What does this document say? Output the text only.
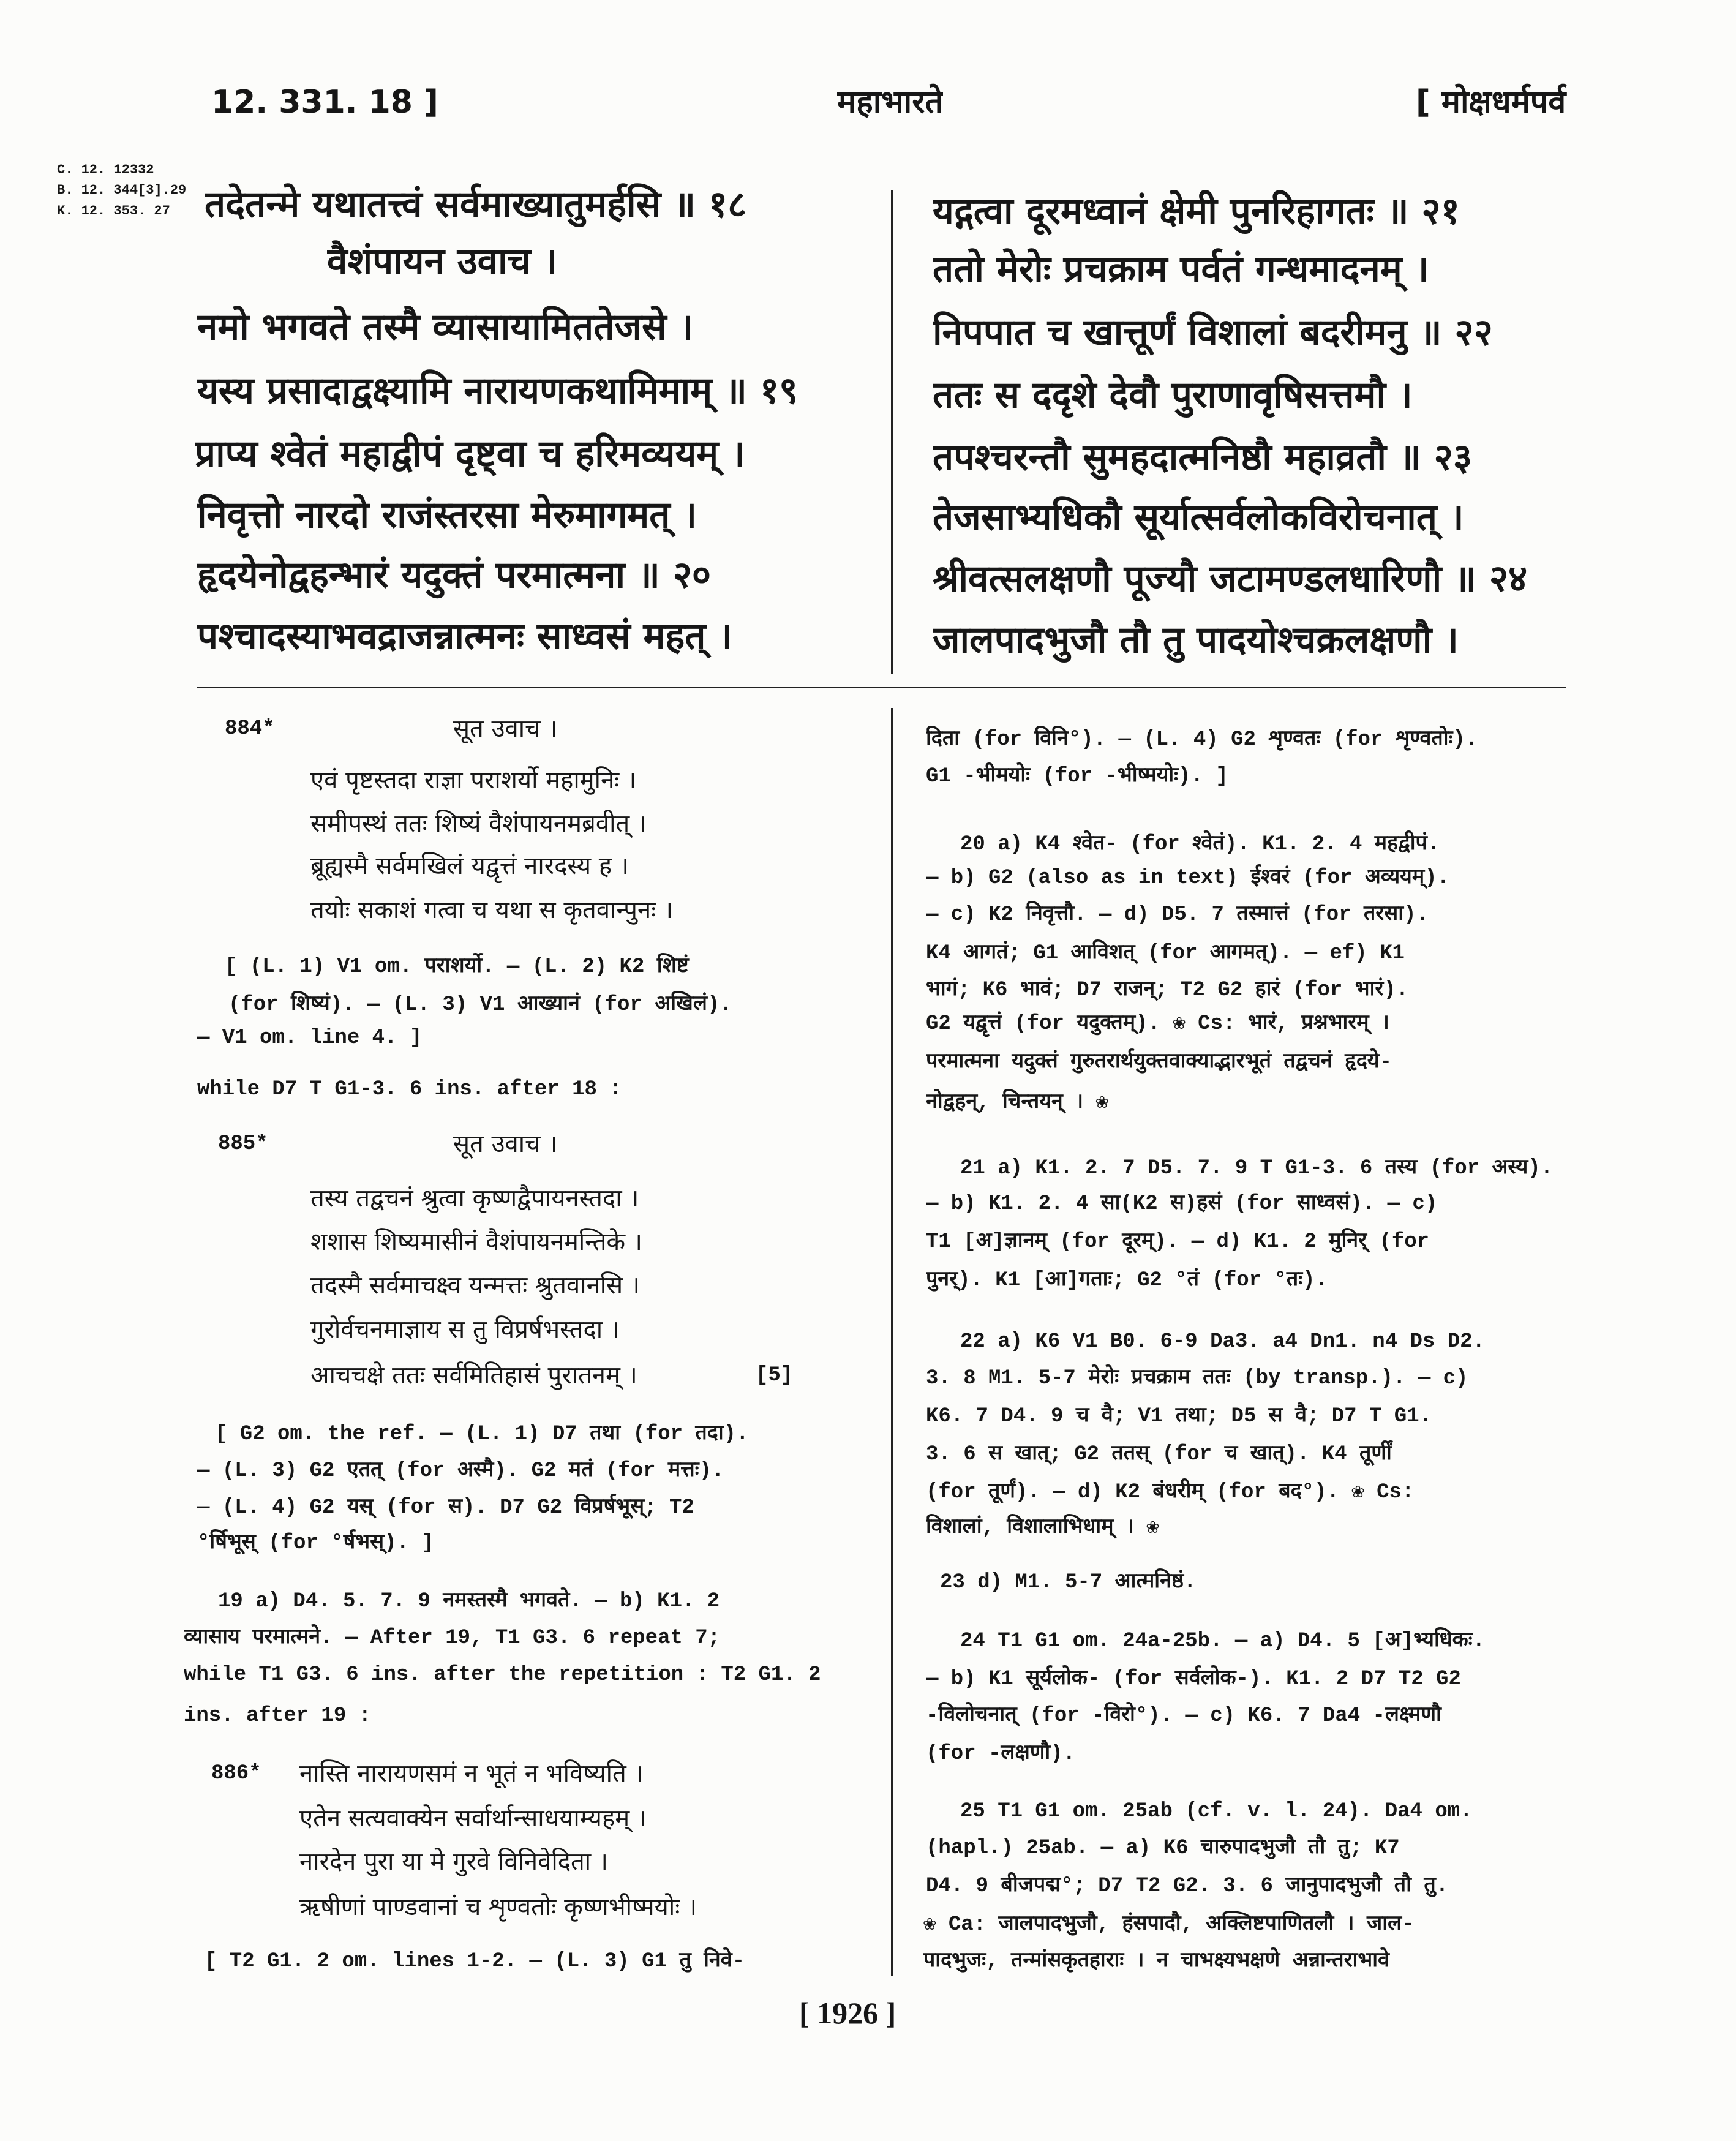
12. 331. 18 ]	महाभारते	[ मोक्षधर्मपर्व
C. 12. 12332
B. 12. 344[3].29
K. 12. 353. 27 तदेतन्मे यथातत्त्वं सर्वमाख्यातुमर्हसि ॥ १८
वैशंपायन उवाच ।
नमो भगवते तस्मै व्यासायामिततेजसे ।
यस्य प्रसादाद्वक्ष्यामि नारायणकथामिमाम् ॥ १९
प्राप्य श्वेतं महाद्वीपं दृष्ट्वा च हरिमव्ययम् ।
निवृत्तो नारदो राजंस्तरसा मेरुमागमत् ।
हृदयेनोद्वहन्भारं यदुक्तं परमात्मना ॥ २०
पश्चादस्याभवद्राजन्नात्मनः साध्वसं महत् ।
यद्गत्वा दूरमध्वानं क्षेमी पुनरिहागतः ॥ २१
ततो मेरोः प्रचक्राम पर्वतं गन्धमादनम् ।
निपपात च खात्तूर्णं विशालां बदरीमनु ॥ २२
ततः स ददृशे देवौ पुराणावृषिसत्तमौ ।
तपश्चरन्तौ सुमहदात्मनिष्ठौ महाव्रतौ ॥ २३
तेजसाभ्यधिकौ सूर्यात्सर्वलोकविरोचनात् ।
श्रीवत्सलक्षणौ पूज्यौ जटामण्डलधारिणौ ॥ २४
जालपादभुजौ तौ तु पादयोश्चक्रलक्षणौ ।
884*	सूत उवाच ।
एवं पृष्टस्तदा राज्ञा पराशर्यो महामुनिः ।
समीपस्थं ततः शिष्यं वैशंपायनमब्रवीत् ।
ब्रूह्यस्मै सर्वमखिलं यद्वृत्तं नारदस्य ह ।
तयोः सकाशं गत्वा च यथा स कृतवान्पुनः ।
[ (L. 1) V1 om. पराशर्यो. — (L. 2) K2 शिष्टं
(for शिष्यं). — (L. 3) V1 आख्यानं (for अखिलं).
— V1 om. line 4. ]
while D7 T G1-3. 6 ins. after 18 :
885*	सूत उवाच ।
तस्य तद्वचनं श्रुत्वा कृष्णद्वैपायनस्तदा ।
शशास शिष्यमासीनं वैशंपायनमन्तिके ।
तदस्मै सर्वमाचक्ष्व यन्मत्तः श्रुतवानसि ।
गुरोर्वचनमाज्ञाय स तु विप्रर्षभस्तदा ।
आचचक्षे ततः सर्वमितिहासं पुरातनम् ।	[5]
[ G2 om. the ref. — (L. 1) D7 तथा (for तदा).
— (L. 3) G2 एतत् (for अस्मै). G2 मतं (for मत्तः).
— (L. 4) G2 यस् (for स). D7 G2 विप्रर्षभूस्; T2
°र्षिभूस् (for °र्षभस्). ]
19 a) D4. 5. 7. 9 नमस्तस्मै भगवते. — b) K1. 2
व्यासाय परमात्मने. — After 19, T1 G3. 6 repeat 7;
while T1 G3. 6 ins. after the repetition : T2 G1. 2
ins. after 19 :
886* नास्ति नारायणसमं न भूतं न भविष्यति ।
एतेन सत्यवाक्येन सर्वार्थान्साधयाम्यहम् ।
नारदेन पुरा या मे गुरवे विनिवेदिता ।
ऋषीणां पाण्डवानां च शृण्वतोः कृष्णभीष्मयोः ।
[ T2 G1. 2 om. lines 1-2. — (L. 3) G1 तु निवे-
दिता (for विनि°). — (L. 4) G2 शृण्वतः (for शृण्वतोः).
G1 -भीमयोः (for -भीष्मयोः). ]
20 a) K4 श्वेत- (for श्वेतं). K1. 2. 4 महद्वीपं.
— b) G2 (also as in text) ईश्वरं (for अव्ययम्).
— c) K2 निवृत्तौ. — d) D5. 7 तस्मात्तं (for तरसा).
K4 आगतं; G1 आविशत् (for आगमत्). — ef) K1
भागं; K6 भावं; D7 राजन्; T2 G2 हारं (for भारं).
G2 यद्वृत्तं (for यदुक्तम्). ❀ Cs: भारं, प्रश्नभारम् ।
परमात्मना यदुक्तं गुरुतरार्थयुक्तवाक्याद्भारभूतं तद्वचनं हृदये-
नोद्वहन्, चिन्तयन् । ❀
21 a) K1. 2. 7 D5. 7. 9 T G1-3. 6 तस्य (for अस्य).
— b) K1. 2. 4 सा(K2 स)हसं (for साध्वसं). — c)
T1 [अ]ज्ञानम् (for दूरम्). — d) K1. 2 मुनिर् (for
पुनर्). K1 [आ]गताः; G2 °तं (for °तः).
22 a) K6 V1 B0. 6-9 Da3. a4 Dn1. n4 Ds D2.
3. 8 M1. 5-7 मेरोः प्रचक्राम ततः (by transp.). — c)
K6. 7 D4. 9 च वै; V1 तथा; D5 स वै; D7 T G1.
3. 6 स खात्; G2 ततस् (for च खात्). K4 तूर्णीं
(for तूर्णं). — d) K2 बंधरीम् (for बद°). ❀ Cs:
विशालां, विशालाभिधाम् । ❀
23 d) M1. 5-7 आत्मनिष्ठं.
24 T1 G1 om. 24a-25b. — a) D4. 5 [अ]भ्यधिकः.
— b) K1 सूर्यलोक- (for सर्वलोक-). K1. 2 D7 T2 G2
-विलोचनात् (for -विरो°). — c) K6. 7 Da4 -लक्ष्मणौ
(for -लक्षणौ).
25 T1 G1 om. 25ab (cf. v. l. 24). Da4 om.
(hapl.) 25ab. — a) K6 चारुपादभुजौ तौ तु; K7
D4. 9 बीजपद्म°; D7 T2 G2. 3. 6 जानुपादभुजौ तौ तु.
❀ Ca: जालपादभुजौ, हंसपादौ, अक्लिष्टपाणितलौ । जाल-
पादभुजः, तन्मांसकृतहाराः । न चाभक्ष्यभक्षणे अन्नान्तराभावे
[ 1926 ]
